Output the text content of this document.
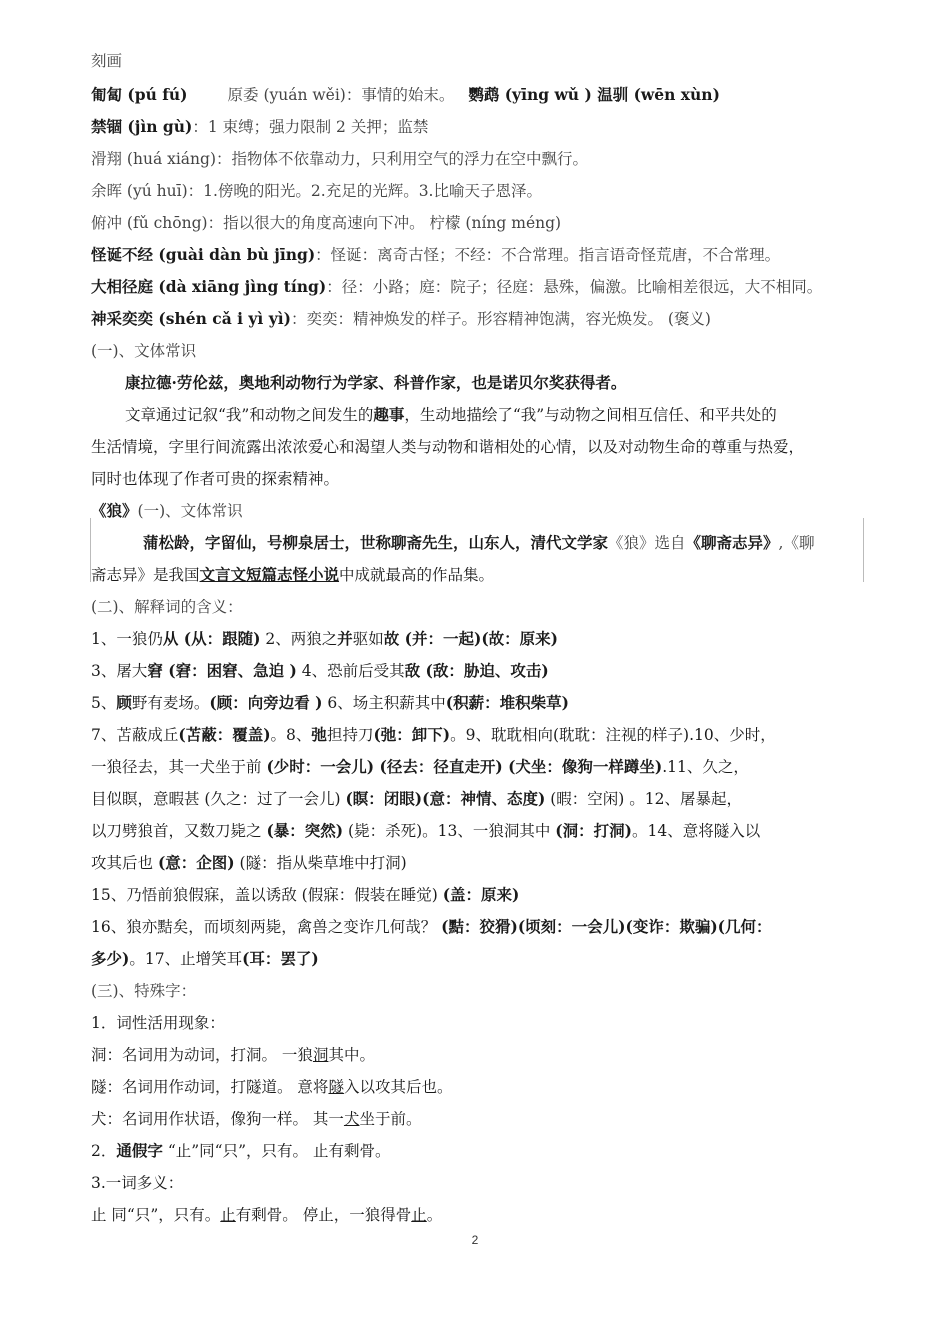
刻画
匍匐 (pú fú)	原委 (yuán wěi)：事情的始末。 鹦鹉 (yīng wǔ ) 温驯 (wēn xùn)
禁锢 (jìn gù)：1 束缚；强力限制 2 关押；监禁
滑翔 (huá xiáng)：指物体不依靠动力，只利用空气的浮力在空中飘行。
余晖 (yú huī)：1.傍晚的阳光。2.充足的光辉。3.比喻天子恩泽。
俯冲 (fǔ chōng)：指以很大的角度高速向下冲。 柠檬 (níng méng)
怪诞不经 (guài dàn bù jīng)：怪诞：离奇古怪；不经：不合常理。指言语奇怪荒唐，不合常理。
大相径庭 (dà xiāng jìng tíng)：径：小路；庭：院子；径庭：悬殊，偏激。比喻相差很远，大不相同。
神采奕奕 (shén cǎ i yì yì)：奕奕：精神焕发的样子。形容精神饱满，容光焕发。 (褒义)
(一)、文体常识
康拉德·劳伦兹，奥地利动物行为学家、科普作家，也是诺贝尔奖获得者。
文章通过记叙“我”和动物之间发生的趣事，生动地描绘了“我”与动物之间相互信任、和平共处的
生活情境，字里行间流露出浓浓爱心和渴望人类与动物和谐相处的心情，以及对动物生命的尊重与热爱，
同时也体现了作者可贵的探索精神。
《狼》(一)、文体常识
蒲松龄，字留仙，号柳泉居士，世称聊斋先生，山东人，清代文学家《狼》选自《聊斋志异》,《聊
斋志异》是我国文言文短篇志怪小说中成就最高的作品集。
(二)、解释词的含义：
1、一狼仍从 (从：跟随) 2、两狼之并驱如故 (并：一起)(故：原来)
3、屠大窘 (窘：困窘、急迫 ) 4、恐前后受其敌 (敌：胁迫、攻击)
5、顾野有麦场。(顾：向旁边看 ) 6、场主积薪其中(积薪：堆积柴草)
7、苫蔽成丘(苫蔽：覆盖)。8、弛担持刀(弛：卸下)。9、耽耽相向(耽耽：注视的样子).10、少时，
一狼径去，其一犬坐于前 (少时：一会儿) (径去：径直走开) (犬坐：像狗一样蹲坐).11、久之，
目似瞑，意暇甚 (久之：过了一会儿) (瞑：闭眼)(意：神情、态度) (暇：空闲) 。12、屠暴起，
以刀劈狼首，又数刀毙之 (暴：突然) (毙：杀死)。13、一狼洞其中 (洞：打洞)。14、意将隧入以
攻其后也 (意：企图) (隧：指从柴草堆中打洞)
15、乃悟前狼假寐，盖以诱敌 (假寐：假装在睡觉) (盖：原来)
16、狼亦黠矣，而顷刻两毙，禽兽之变诈几何哉？ (黠：狡猾)(顷刻：一会儿)(变诈：欺骗)(几何：
多少)。17、止增笑耳(耳：罢了)
(三)、特殊字：
1．词性活用现象：
洞：名词用为动词，打洞。 一狼洞其中。
隧：名词用作动词，打隧道。 意将隧入以攻其后也。
犬：名词用作状语，像狗一样。 其一犬坐于前。
2．通假字 “止”同“只”，只有。 止有剩骨。
3.一词多义：
止 同“只”，只有。止有剩骨。 停止，一狼得骨止。
2
